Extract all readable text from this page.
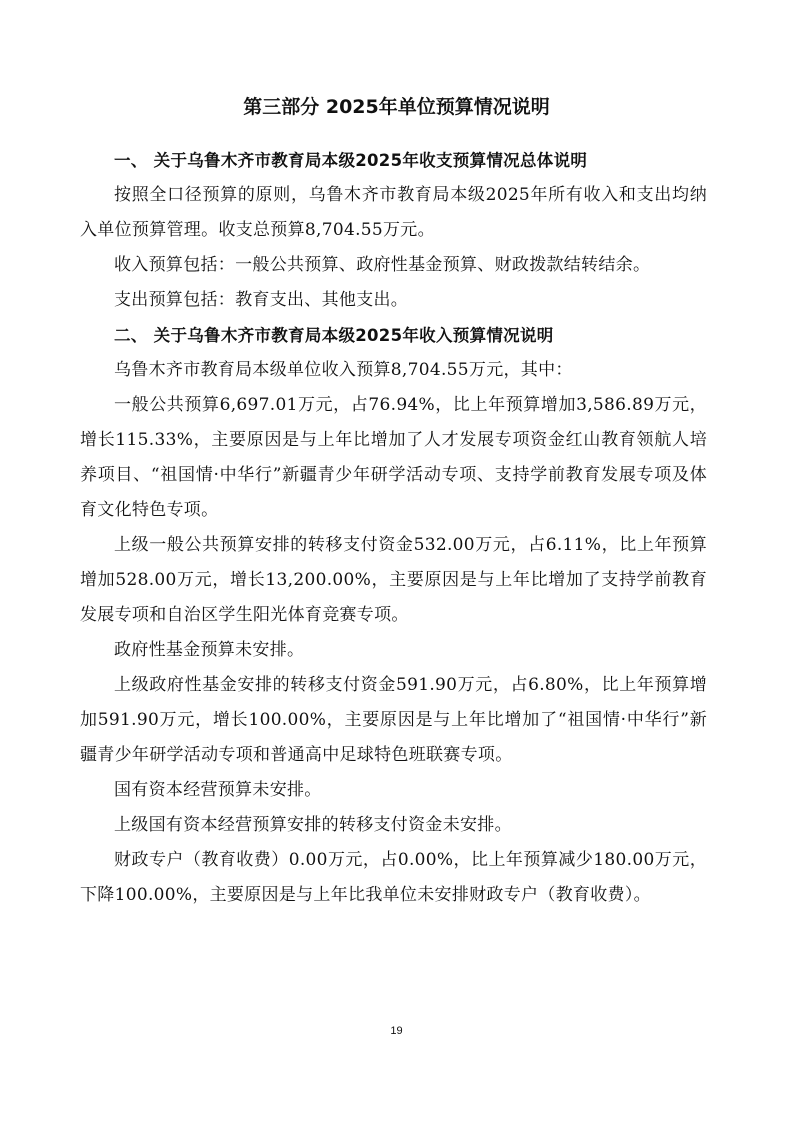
第三部分 2025年单位预算情况说明

一、 关于乌鲁木齐市教育局本级2025年收支预算情况总体说明

按照全口径预算的原则，乌鲁木齐市教育局本级2025年所有收入和支出均纳入单位预算管理。收支总预算8,704.55万元。

收入预算包括：一般公共预算、政府性基金预算、财政拨款结转结余。

支出预算包括：教育支出、其他支出。

二、 关于乌鲁木齐市教育局本级2025年收入预算情况说明

乌鲁木齐市教育局本级单位收入预算8,704.55万元，其中：

一般公共预算6,697.01万元，占76.94%，比上年预算增加3,586.89万元，增长115.33%，主要原因是与上年比增加了人才发展专项资金红山教育领航人培养项目、“祖国情·中华行”新疆青少年研学活动专项、支持学前教育发展专项及体育文化特色专项。

上级一般公共预算安排的转移支付资金532.00万元，占6.11%，比上年预算增加528.00万元，增长13,200.00%，主要原因是与上年比增加了支持学前教育发展专项和自治区学生阳光体育竞赛专项。

政府性基金预算未安排。

上级政府性基金安排的转移支付资金591.90万元，占6.80%，比上年预算增加591.90万元，增长100.00%，主要原因是与上年比增加了“祖国情·中华行”新疆青少年研学活动专项和普通高中足球特色班联赛专项。

国有资本经营预算未安排。

上级国有资本经营预算安排的转移支付资金未安排。

财政专户（教育收费）0.00万元，占0.00%，比上年预算减少180.00万元，下降100.00%，主要原因是与上年比我单位未安排财政专户（教育收费）。

19
